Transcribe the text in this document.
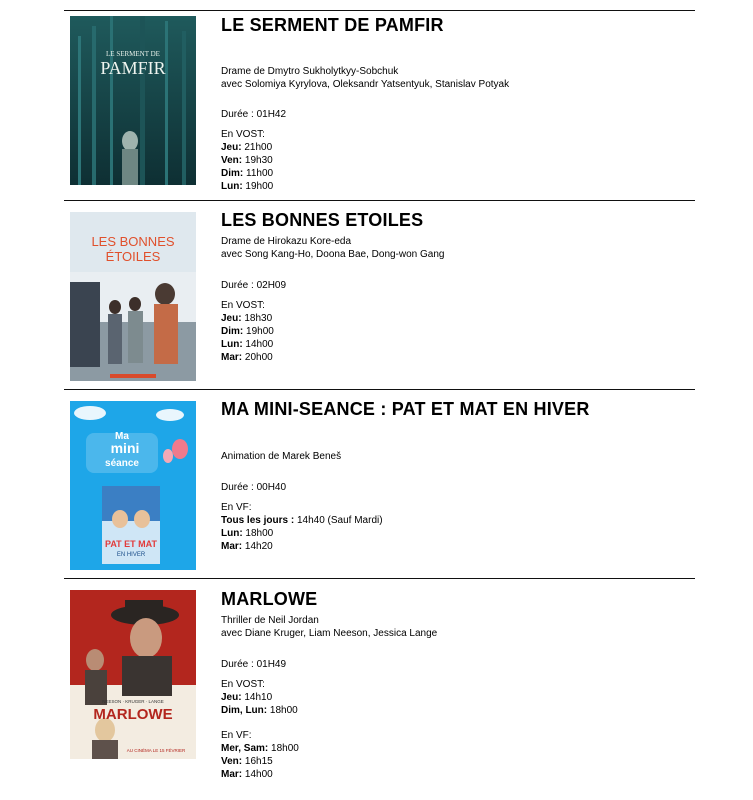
LE SERMENT DE
PAMFIR
LE SERMENT DE PAMFIR
Drame de Dmytro Sukholytkyy-Sobchuk
avec Solomiya Kyrylova, Oleksandr Yatsentyuk, Stanislav Potyak
Durée : 01H42
En VOST:
Jeu: 21h00
Ven: 19h30
Dim: 11h00
Lun: 19h00
LES BONNES
ÉTOILES
LES BONNES ETOILES
Drame de Hirokazu Kore-eda
avec Song Kang-Ho, Doona Bae, Dong-won Gang
Durée : 02H09
En VOST:
Jeu: 18h30
Dim: 19h00
Lun: 14h00
Mar: 20h00
Ma
mini
séance
PAT ET MAT
EN HIVER
MA MINI-SEANCE : PAT ET MAT EN HIVER
Animation de Marek Beneš
Durée : 00H40
En VF:
Tous les jours : 14h40 (Sauf Mardi)
Lun: 18h00
Mar: 14h20
NEESON · KRUGER · LANGE
MARLOWE
AU CINÉMA LE 15 FÉVRIER
MARLOWE
Thriller de Neil Jordan
avec Diane Kruger, Liam Neeson, Jessica Lange
Durée : 01H49
En VOST:
Jeu: 14h10
Dim, Lun: 18h00
En VF:
Mer, Sam: 18h00
Ven: 16h15
Mar: 14h00
